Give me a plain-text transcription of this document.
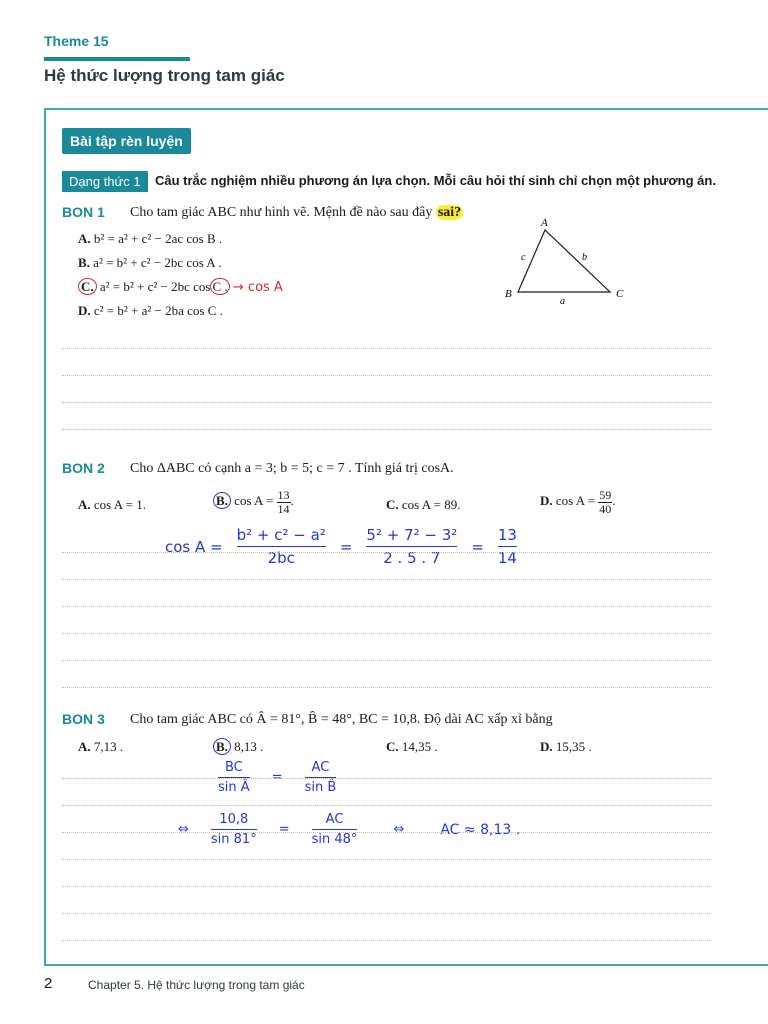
Theme 15
Hệ thức lượng trong tam giác
Bài tập rèn luyện
Dạng thức 1	Câu trắc nghiệm nhiều phương án lựa chọn. Mỗi câu hỏi thí sinh chỉ chọn một phương án.
BON 1 Cho tam giác ABC như hình vẽ. Mệnh đề nào sau đây sai?
A. b² = a² + c² − 2ac cos B .
B. a² = b² + c² − 2bc cos A .
C. a² = b² + c² − 2bc cos C . → cos A
D. c² = b² + a² − 2ba cos C .
A
B	C
a
b
c
BON 2 Cho ΔABC có cạnh a = 3; b = 5; c = 7 . Tính giá trị cosA.
A. cos A = 1.	B. $\cos A = \frac{13}{14}$ .	C. cos A = 89.	D. $\cos A = \frac{59}{40}$ .
$\cos A = \frac{\text{b² + c² − a²}}{2bc} = \frac{\text{5² + 7² − 3²}}{2 . 5 . 7} = \frac{13}{14}$
BON 3 Cho tam giác ABC có Â = 81°, B̂ = 48°, BC = 10,8. Độ dài AC xấp xỉ bằng
A. 7,13 .	B. 8,13 .	C. 14,35 .	D. 15,35 .
$\frac{BC}{\text{sin Â}} = \frac{AC}{\text{sin B̂}}$
⇔ $\frac{10,8}{\sin 81^\circ} = \frac{AC}{\sin 48^\circ}$	⇔	AC ≈ 8,13 .
2	Chapter 5. Hệ thức lượng trong tam giác
